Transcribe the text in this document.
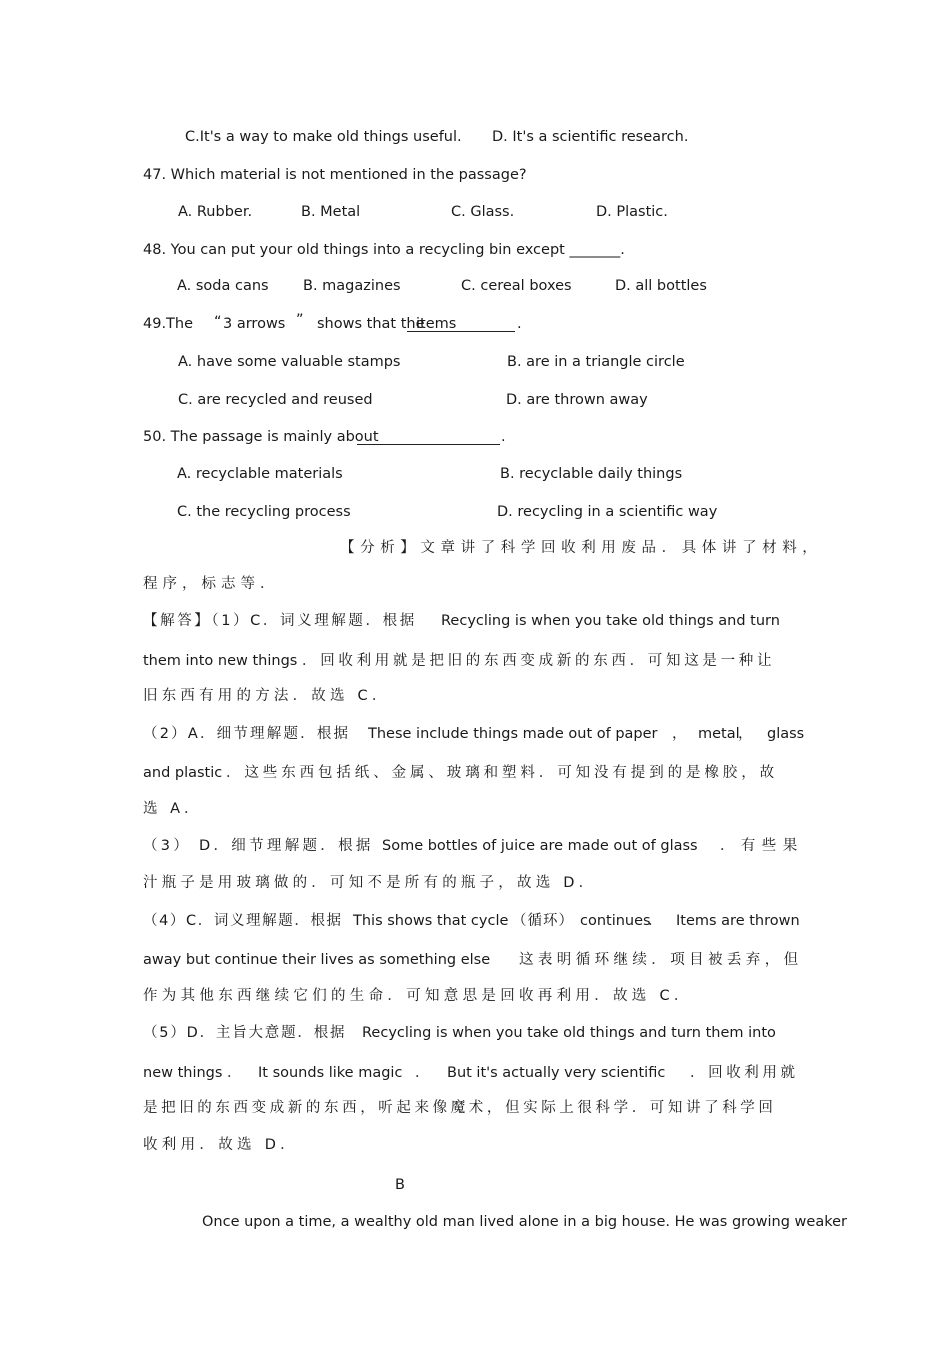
C.It's a way to make old things useful. D. It's a scientific research.
47. Which material is not mentioned in the passage?
A. Rubber.	B. Metal	C. Glass.	D. Plastic.
48. You can put your old things into a recycling bin except _______.
A. soda cans B. magazines	C. cereal boxes	D. all bottles
49.The “ 3 arrows ” shows that the
items	.
A. have some valuable stamps	B. are in a triangle circle
C. are recycled and reused	D. are thrown away
50. The passage is mainly about	.
A. recyclable materials	B. recyclable daily things
C. the recycling process	D. recycling in a scientific way
【分析】文章讲了科学回收利用废品．具体讲了材料，
程序，标志等．
【解答】（1）C．词义理解题．根据 Recycling is when you take old things and turn
them into new things ．回收利用就是把旧的东西变成新的东西．可知这是一种让
旧东西有用的方法．故选 C．
（2）A．细节理解题．根据 These include things made out of paper ， metal
， glass
and plastic ．这些东西包括纸、金属、玻璃和塑料．可知没有提到的是橡胶，故
选 A．
（3） D．细节理解题．根据 Some bottles of juice are made out of glass ．有些果
汁瓶子是用玻璃做的．可知不是所有的瓶子，故选 D．
（4）C．词义理解题．根据 This shows that cycle （循环） continues
． Items are thrown
away but continue their lives as something else 这表明循环继续．项目被丢弃，但
作为其他东西继续它们的生命．可知意思是回收再利用．故选 C．
（5）D．主旨大意题．根据 Recycling is when you take old things and turn them into
new things ． It sounds like magic ． But it's actually very scientific ．回收利用就
是把旧的东西变成新的东西，听起来像魔术，但实际上很科学．可知讲了科学回
收利用．故选 D．
B
Once upon a time, a wealthy old man lived alone in a big house. He was growing weaker
